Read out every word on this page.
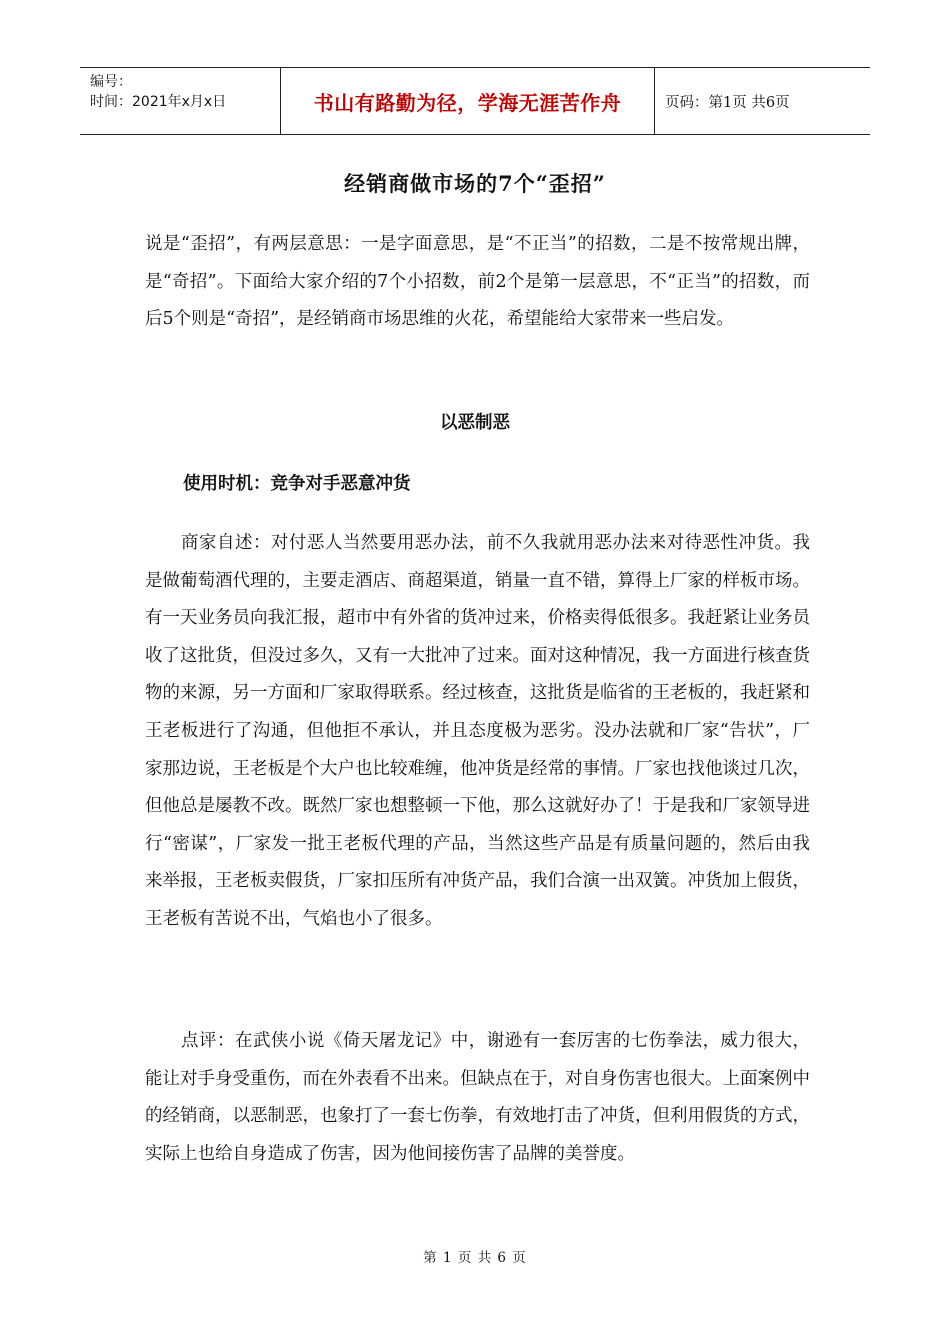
编号：
时间：2021年x月x日	书山有路勤为径，学海无涯苦作舟	页码：第1页 共6页
经销商做市场的7个“歪招”
说是“歪招”，有两层意思：一是字面意思，是“不正当”的招数，二是不按常规出牌，是“奇招”。下面给大家介绍的7个小招数，前2个是第一层意思，不“正当”的招数，而后5个则是“奇招”，是经销商市场思维的火花，希望能给大家带来一些启发。
以恶制恶
使用时机：竞争对手恶意冲货
商家自述：对付恶人当然要用恶办法，前不久我就用恶办法来对待恶性冲货。我是做葡萄酒代理的，主要走酒店、商超渠道，销量一直不错，算得上厂家的样板市场。有一天业务员向我汇报，超市中有外省的货冲过来，价格卖得低很多。我赶紧让业务员收了这批货，但没过多久，又有一大批冲了过来。面对这种情况，我一方面进行核查货物的来源，另一方面和厂家取得联系。经过核查，这批货是临省的王老板的，我赶紧和王老板进行了沟通，但他拒不承认，并且态度极为恶劣。没办法就和厂家“告状”，厂家那边说，王老板是个大户也比较难缠，他冲货是经常的事情。厂家也找他谈过几次，但他总是屡教不改。既然厂家也想整顿一下他，那么这就好办了！于是我和厂家领导进行“密谋”，厂家发一批王老板代理的产品，当然这些产品是有质量问题的，然后由我来举报，王老板卖假货，厂家扣压所有冲货产品，我们合演一出双簧。冲货加上假货，王老板有苦说不出，气焰也小了很多。
点评：在武侠小说《倚天屠龙记》中，谢逊有一套厉害的七伤拳法，威力很大，能让对手身受重伤，而在外表看不出来。但缺点在于，对自身伤害也很大。上面案例中的经销商，以恶制恶，也象打了一套七伤拳，有效地打击了冲货，但利用假货的方式，实际上也给自身造成了伤害，因为他间接伤害了品牌的美誉度。
第 1 页 共 6 页
